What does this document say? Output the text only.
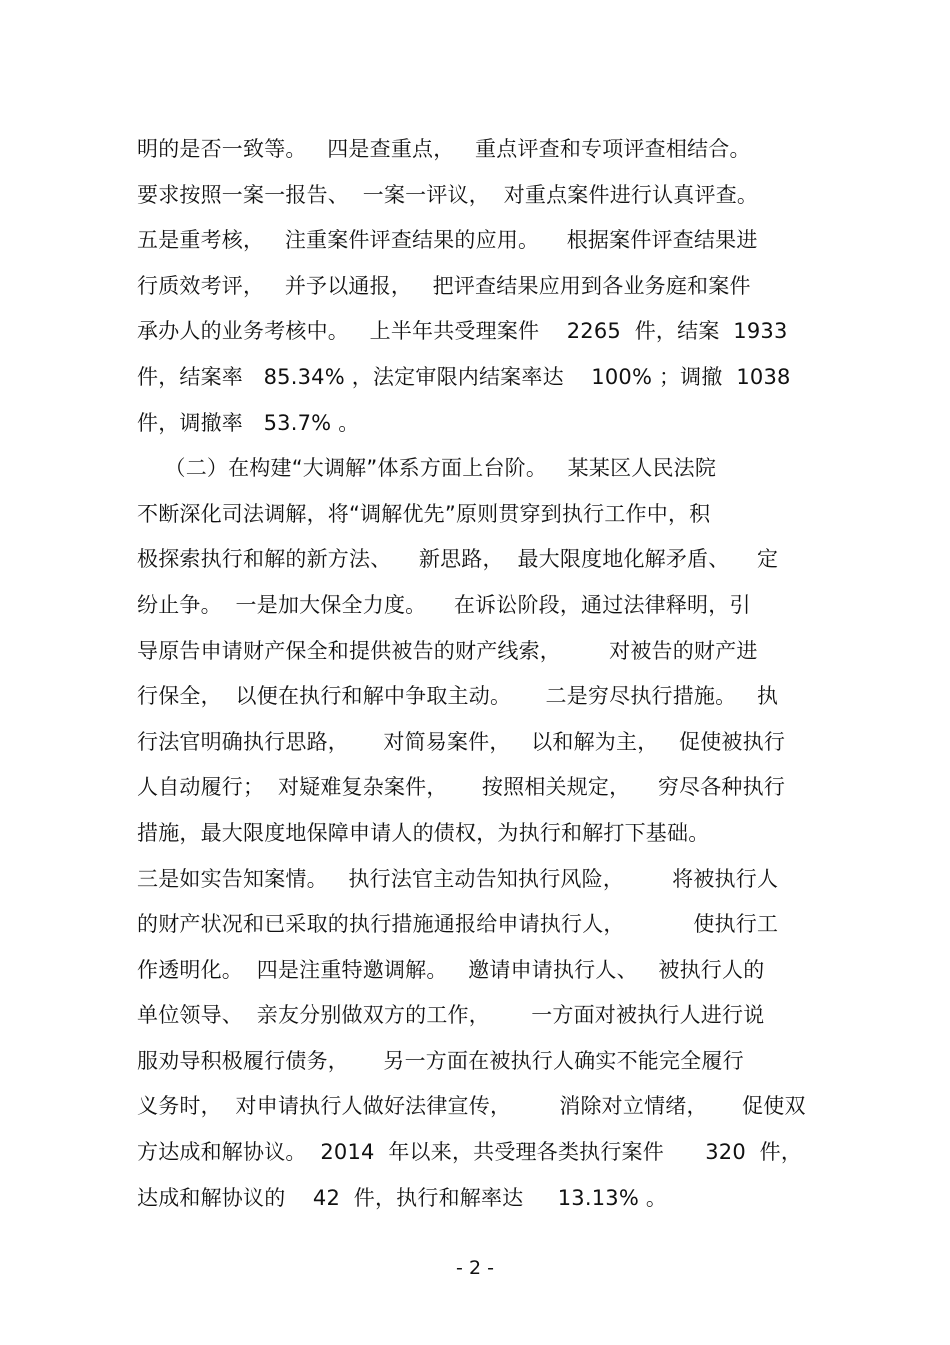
明的是否一致等。   四是查重点，   重点评查和专项评查相结合。
要求按照一案一报告、  一案一评议，  对重点案件进行认真评查。
五是重考核，   注重案件评查结果的应用。    根据案件评查结果进
行质效考评，   并予以通报，   把评查结果应用到各业务庭和案件
承办人的业务考核中。   上半年共受理案件    2265  件，结案  1933
件，结案率   85.34% ，法定审限内结案率达    100% ；调撤  1038
件，调撤率   53.7% 。
（二）在构建“大调解”体系方面上台阶。   某某区人民法院
不断深化司法调解，将“调解优先”原则贯穿到执行工作中，积
极探索执行和解的新方法、    新思路，  最大限度地化解矛盾、    定
纷止争。  一是加大保全力度。    在诉讼阶段，通过法律释明，引
导原告申请财产保全和提供被告的财产线索，       对被告的财产进
行保全，  以便在执行和解中争取主动。     二是穷尽执行措施。   执
行法官明确执行思路，     对简易案件，   以和解为主，   促使被执行
人自动履行；  对疑难复杂案件，     按照相关规定，    穷尽各种执行
措施，最大限度地保障申请人的债权，为执行和解打下基础。
三是如实告知案情。   执行法官主动告知执行风险，       将被执行人
的财产状况和已采取的执行措施通报给申请执行人，          使执行工
作透明化。  四是注重特邀调解。   邀请申请执行人、   被执行人的
单位领导、  亲友分别做双方的工作，      一方面对被执行人进行说
服劝导积极履行债务，     另一方面在被执行人确实不能完全履行
义务时，  对申请执行人做好法律宣传，       消除对立情绪，     促使双
方达成和解协议。  2014  年以来，共受理各类执行案件      320  件，
达成和解协议的    42  件，执行和解率达     13.13% 。
- 2 -
